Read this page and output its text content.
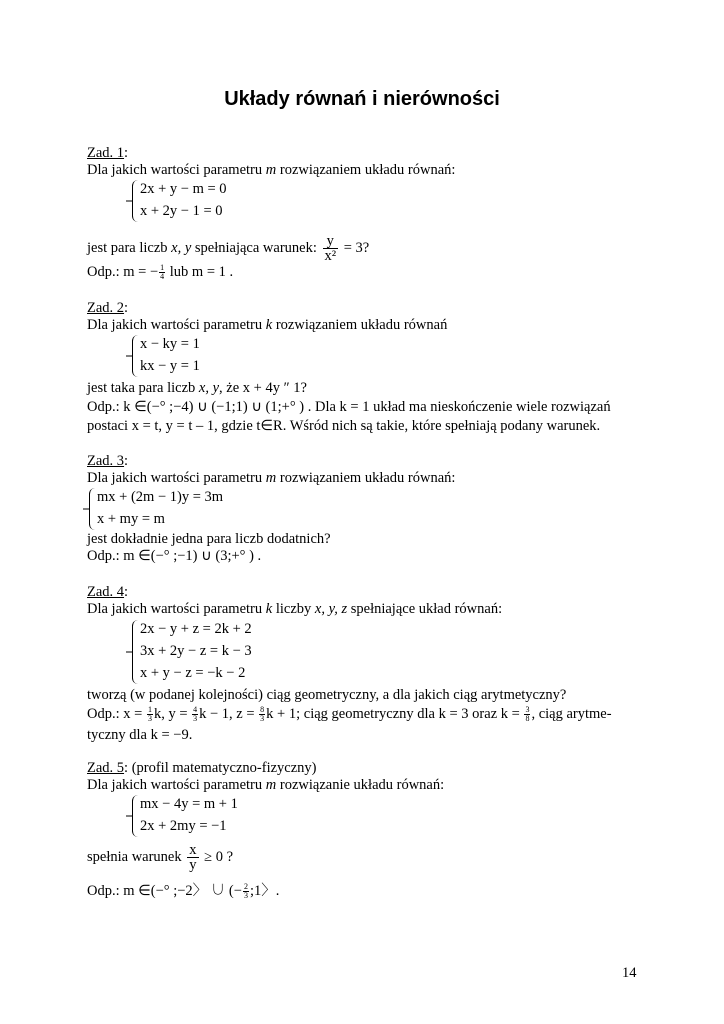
Układy równań i nierówności
Zad. 1:
Dla jakich wartości parametru m rozwiązaniem układu równań:
2x + y − m = 0
x + 2y − 1 = 0
jest para liczb x, y spełniająca warunek: $\frac{y}{\text{x²}} = 3$?
Odp.: m = − $\frac{1}{4}$ lub m = 1 .
Zad. 2:
Dla jakich wartości parametru k rozwiązaniem układu równań
x − ky = 1
kx − y = 1
jest taka para liczb x, y, że x + 4y ″ 1?
Odp.: k ∈(−° ;−4) ∪ (−1;1) ∪ (1;+° ) . Dla k = 1 układ ma nieskończenie wiele rozwiązań
postaci x = t, y = t – 1, gdzie t∈R. Wśród nich są takie, które spełniają podany warunek.
Zad. 3:
Dla jakich wartości parametru m rozwiązaniem układu równań:
mx + (2m − 1)y = 3m
x + my = m
jest dokładnie jedna para liczb dodatnich?
Odp.: m ∈(−° ;−1) ∪ (3;+° ) .
Zad. 4:
Dla jakich wartości parametru k liczby x, y, z spełniające układ równań:
2x − y + z = 2k + 2
3x + 2y − z = k − 3
x + y − z = −k − 2
tworzą (w podanej kolejności) ciąg geometryczny, a dla jakich ciąg arytmetyczny?
Odp.: $x = \frac{1}{3} k$, $y = \frac{4}{3}$ k − 1, $z = \frac{8}{3}$ k + 1; ciąg geometryczny dla k = 3 oraz $k = \frac{3}{8}$ , ciąg arytme-
tyczny dla k = −9.
Zad. 5: (profil matematyczno-fizyczny)
Dla jakich wartości parametru m rozwiązanie układu równań:
mx − 4y = m + 1
2x + 2my = −1
spełnia warunek $\frac{x}{y} \ge 0$ ?
Odp.: m ∈(−° ;−2〉 ∪ (− $\frac{2}{3}$ ;1〉.
14
